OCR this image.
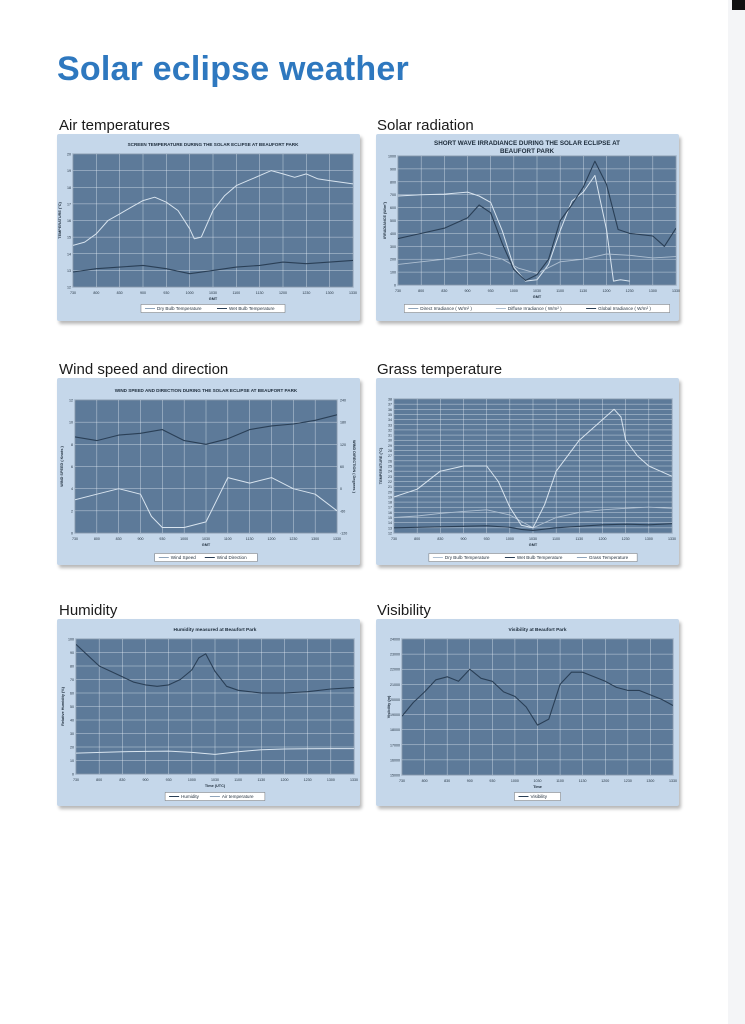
Solar eclipse weather
Air temperatures	Solar radiation
Wind speed and direction	Grass temperature
Humidity	Visibility
SCREEN TEMPERATURE DURING THE SOLAR ECLIPSE AT BEAUFORT PARK
12
13
14
15
16
17
18
19
20
730	800	830	900	930	1000	1030	1100	1130	1200	1230	1300	1330
GMT
TEMPERATURE (°C)
Dry Bulb Temperature	Wet Bulb Temperature
SHORT WAVE IRRADIANCE DURING THE SOLAR ECLIPSE AT BEAUFORT PARK
0
100
200
300
400
500
600
700
800
900
1000
730	800	830	900	930	1000	1030	1100	1130	1200	1230	1300	1330
GMT
IRRADIANCE (W/m²)
Direct Irradiance ( W/m² )	Diffuse Irradiance ( W/m² )	Global Irradiance ( W/m² )
WIND SPEED AND DIRECTION DURING THE SOLAR ECLIPSE AT BEAUFORT PARK
0
2
4
6
8
10
12
-120
-60
0
60
120
180
240
WIND DIRECTION ( Degrees )
730	800	830	900	930	1000	1030	1100	1130	1200	1230	1300	1330
GMT
WIND SPEED ( Knots )
Wind Speed	Wind Direction
12
13
14
15
16
17
18
19
20
21
22
23
24
25
26
27
28
29
30
31
32
33
34
35
36
37
38
730	800	830	900	930	1000	1030	1100	1130	1200	1230	1300	1330
GMT
TEMPERATURE (°C)
Dry Bulb Temperature	Wet Bulb Temperature	Grass Temperature
Humidity measured at Beaufort Park
0
10
20
30
40
50
60
70
80
90
100
730	800	830	900	930	1000	1030	1100	1130	1200	1230	1300	1330
Time (UTC)
Relative Humidity (%)
Humidity	Air temperature
Visibility at Beaufort Park
15000
16000
17000
18000
19000
20000
21000
22000
23000
24000
730	800	830	900	930	1000	1030	1100	1130	1200	1230	1300	1330
Time
Visibility (m)
Visibility
